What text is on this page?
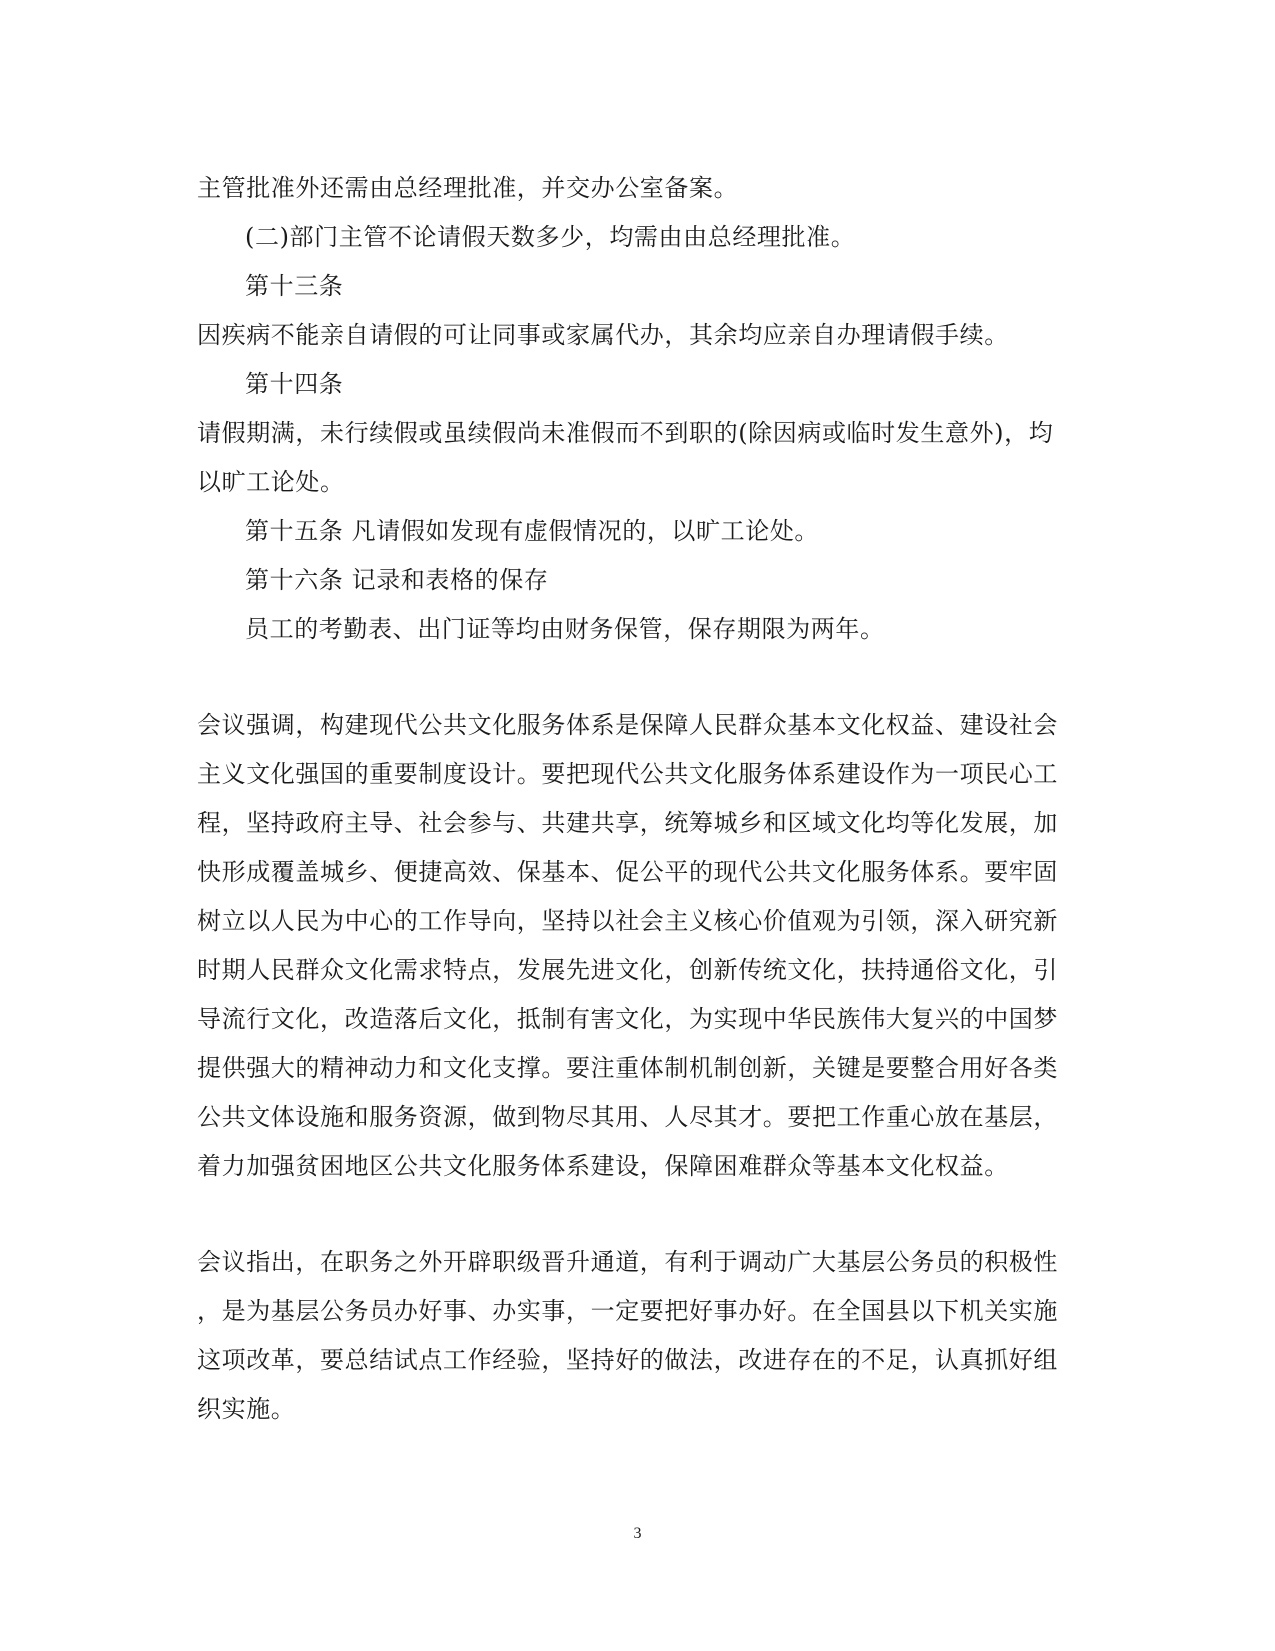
主管批准外还需由总经理批准，并交办公室备案。
(二)部门主管不论请假天数多少，均需由由总经理批准。
第十三条
因疾病不能亲自请假的可让同事或家属代办，其余均应亲自办理请假手续。
第十四条
请假期满，未行续假或虽续假尚未准假而不到职的(除因病或临时发生意外)，均
以旷工论处。
第十五条 凡请假如发现有虚假情况的，以旷工论处。
第十六条 记录和表格的保存
员工的考勤表、出门证等均由财务保管，保存期限为两年。
会议强调，构建现代公共文化服务体系是保障人民群众基本文化权益、建设社会
主义文化强国的重要制度设计。要把现代公共文化服务体系建设作为一项民心工
程，坚持政府主导、社会参与、共建共享，统筹城乡和区域文化均等化发展，加
快形成覆盖城乡、便捷高效、保基本、促公平的现代公共文化服务体系。要牢固
树立以人民为中心的工作导向，坚持以社会主义核心价值观为引领，深入研究新
时期人民群众文化需求特点，发展先进文化，创新传统文化，扶持通俗文化，引
导流行文化，改造落后文化，抵制有害文化，为实现中华民族伟大复兴的中国梦
提供强大的精神动力和文化支撑。要注重体制机制创新，关键是要整合用好各类
公共文体设施和服务资源，做到物尽其用、人尽其才。要把工作重心放在基层，
着力加强贫困地区公共文化服务体系建设，保障困难群众等基本文化权益。
会议指出，在职务之外开辟职级晋升通道，有利于调动广大基层公务员的积极性
，是为基层公务员办好事、办实事，一定要把好事办好。在全国县以下机关实施
这项改革，要总结试点工作经验，坚持好的做法，改进存在的不足，认真抓好组
织实施。
3
